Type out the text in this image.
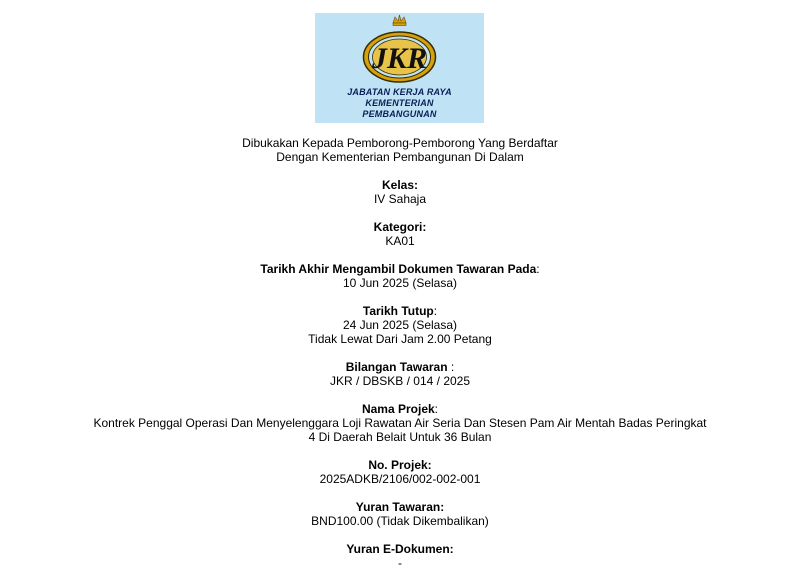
JKR
JABATAN KERJA RAYA
KEMENTERIAN
PEMBANGUNAN
Dibukakan Kepada Pemborong-Pemborong Yang Berdaftar
Dengan Kementerian Pembangunan Di Dalam
Kelas:
IV Sahaja
Kategori:
KA01
Tarikh Akhir Mengambil Dokumen Tawaran Pada:
10 Jun 2025 (Selasa)
Tarikh Tutup:
24 Jun 2025 (Selasa)
Tidak Lewat Dari Jam 2.00 Petang
Bilangan Tawaran :
JKR / DBSKB / 014 / 2025
Nama Projek:
Kontrek Penggal Operasi Dan Menyelenggara Loji Rawatan Air Seria Dan Stesen Pam Air Mentah Badas Peringkat
4 Di Daerah Belait Untuk 36 Bulan
No. Projek:
2025ADKB/2106/002-002-001
Yuran Tawaran:
BND100.00 (Tidak Dikembalikan)
Yuran E-Dokumen:
-
